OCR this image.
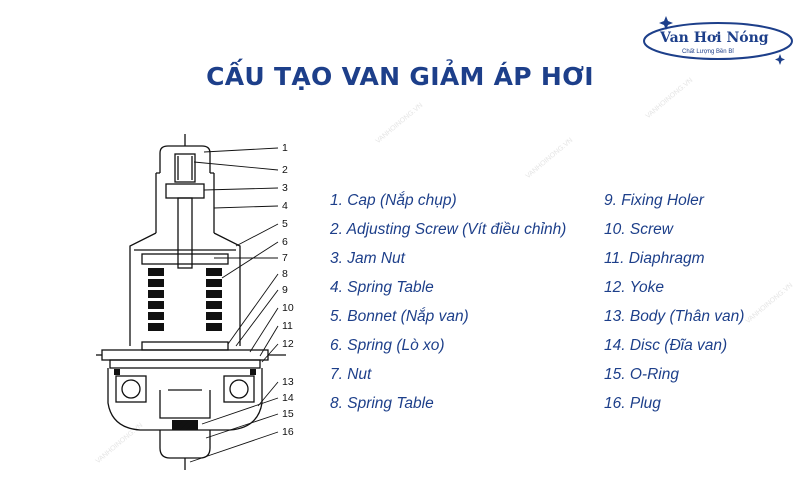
Van Hơi Nóng
Chất Lượng Bền Bỉ
CẤU TẠO VAN GIẢM ÁP HƠI
VANHOINONG.VN
VANHOINONG.VN
VANHOINONG.VN
VANHOINONG.VN
VANHOINONG.VN
1
2
3
4
5
6
7
8
9
10
11
12
13
14
15
16
1. Cap (Nắp chụp)
2. Adjusting Screw (Vít điều chỉnh)
3. Jam Nut
4. Spring Table
5. Bonnet (Nắp van)
6. Spring (Lò xo)
7. Nut
8. Spring Table
9. Fixing Holer
10. Screw
11. Diaphragm
12. Yoke
13. Body (Thân van)
14. Disc (Đĩa van)
15. O-Ring
16. Plug
